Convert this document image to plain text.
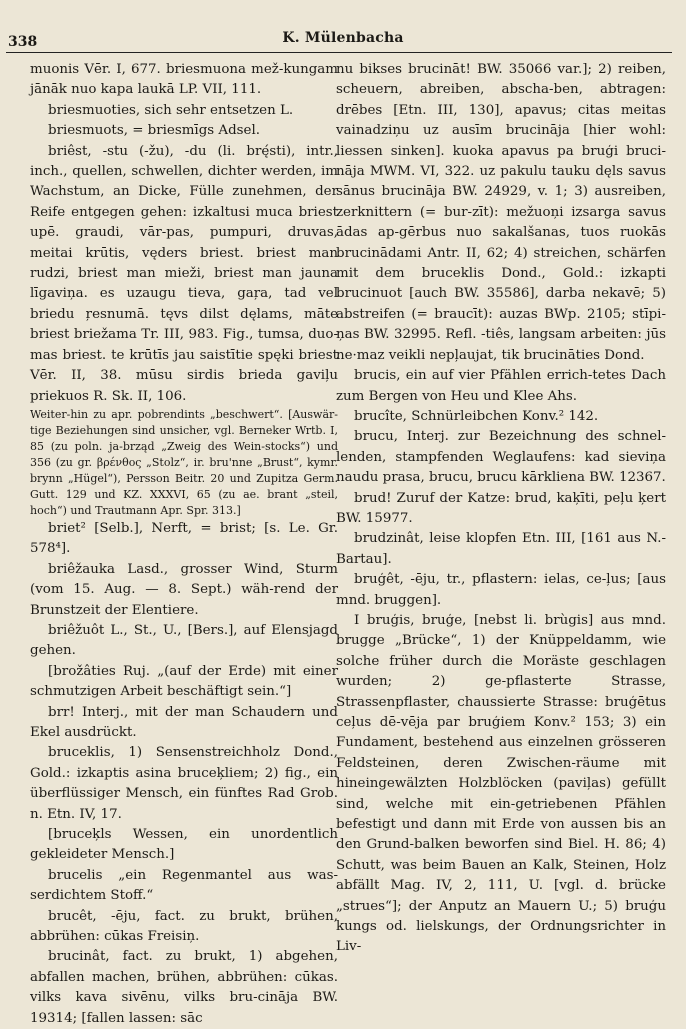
338	K. Mülenbacha

muonis Vēr. I, 677. briesmuona mež-kungam jānāk nuo kapa laukā LP. VII, 111.

briesmuoties, sich sehr entsetzen L.

briesmuots, = briesmīgs Adsel.

briêst, -stu (-žu), -du (li. brę́sti), intr., inch., quellen, schwellen, dichter werden, im Wachstum, an Dicke, Fülle zunehmen, der Reife entgegen gehen: izkaltusi muca briest upē. graudi, vār-pas, pumpuri, druvas, meitai krūtis, vęders briest. briest man rudzi, briest man mieži, briest man jauna līgaviņa. es uzaugu tieva, gaŗa, tad vel briedu ŗesnumā. tęvs dilst dęlams, māte briest briežama Tr. III, 983. Fig., tumsa, duo-mas briest. te krūtīs jau saistītie spęki briest Vēr. II, 38. mūsu sirdis brieda gaviļu priekuos R. Sk. II, 106.

Weiter-hin zu apr. pobrendints „beschwert“. [Auswär-tige Beziehungen sind unsicher, vgl. Berneker Wrtb. I, 85 (zu poln. ja-brząd „Zweig des Wein-stocks“) und 356 (zu gr. βρένθος „Stolz“, ir. bru'nne „Brust“, kymr. brynn „Hügel“), Persson Beitr. 20 und Zupitza Germ. Gutt. 129 und KZ. XXXVI, 65 (zu ae. brant „steil, hoch“) und Trautmann Apr. Spr. 313.]

briet² [Selb.], Nerft, = brist; [s. Le. Gr. 578⁴].

briêžauka Lasd., grosser Wind, Sturm (vom 15. Aug. — 8. Sept.) wäh-rend der Brunstzeit der Elentiere.

briêžuôt L., St., U., [Bers.], auf Elensjagd gehen.

[brožâties Ruj. „(auf der Erde) mit einer schmutzigen Arbeit beschäftigt sein.“]

brr! Interj., mit der man Schaudern und Ekel ausdrückt.

bruceklis, 1) Sensenstreichholz Dond., Gold.: izkaptis asina bruceķliem; 2) fig., ein überflüssiger Mensch, ein fünftes Rad Grob. n. Etn. IV, 17.

[bruceķls Wessen, ein unordentlich gekleideter Mensch.]

brucelis „ein Regenmantel aus was-serdichtem Stoff.“

brucêt, -ēju, fact. zu brukt, brühen, abbrühen: cūkas Freisiņ.

brucinât, fact. zu brukt, 1) abgehen, abfallen machen, brühen, abbrühen: cūkas. vilks kava sivēnu, vilks bru-cināja BW. 19314; [fallen lassen: sāc

nu bikses brucināt! BW. 35066 var.]; 2) reiben, scheuern, abreiben, abscha-ben, abtragen: drēbes [Etn. III, 130], apavus; citas meitas vainadziņu uz ausīm brucināja [hier wohl: liessen sinken]. kuoka apavus pa bruģi bruci-nāja MWM. VI, 322. uz pakulu tauku dęls savus sānus brucināja BW. 24929, v. 1; 3) ausreiben, zerknittern (= bur-zīt): mežuoņi izsarga savus ādas ap-gērbus nuo sakalšanas, tuos ruokās brucinādami Antr. II, 62; 4) streichen, schärfen mit dem bruceklis Dond., Gold.: izkapti brucinuot [auch BW. 35586], darba nekavē; 5) abstreifen (= braucīt): auzas BWp. 2105; stīpi-ņas BW. 32995. Refl. -tiês, langsam arbeiten: jūs ne·maz veikli nepļaujat, tik brucināties Dond.

brucis, ein auf vier Pfählen errich-tetes Dach zum Bergen von Heu und Klee Ahs.

brucîte, Schnürleibchen Konv.² 142.

brucu, Interj. zur Bezeichnung des schnel-lenden, stampfenden Weglaufens: kad sieviņa naudu prasa, brucu, brucu kārkliena BW. 12367.

brud! Zuruf der Katze: brud, kaķīti, peļu ķert BW. 15977.

brudzinât, leise klopfen Etn. III, [161 aus N.-Bartau].

bruģêt, -ēju, tr., pflastern: ielas, ce-ļus; [aus mnd. bruggen].

I bruģis, bruģe, [nebst li. brùgis] aus mnd. brugge „Brücke“, 1) der Knüppeldamm, wie solche früher durch die Moräste geschlagen wurden; 2) ge-pflasterte Strasse, Strassenpflaster, chaussierte Strasse: bruģētus ceļus dē-vēja par bruģiem Konv.² 153; 3) ein Fundament, bestehend aus einzelnen grösseren Feldsteinen, deren Zwischen-räume mit hineingewälzten Holzblöcken (paviļas) gefüllt sind, welche mit ein-getriebenen Pfählen befestigt und dann mit Erde von aussen bis an den Grund-balken beworfen sind Biel. H. 86; 4) Schutt, was beim Bauen an Kalk, Steinen, Holz abfällt Mag. IV, 2, 111, U. [vgl. d. brücke „strues“]; der Anputz an Mauern U.; 5) bruģu kungs od. lielskungs, der Ordnungsrichter in Liv-
